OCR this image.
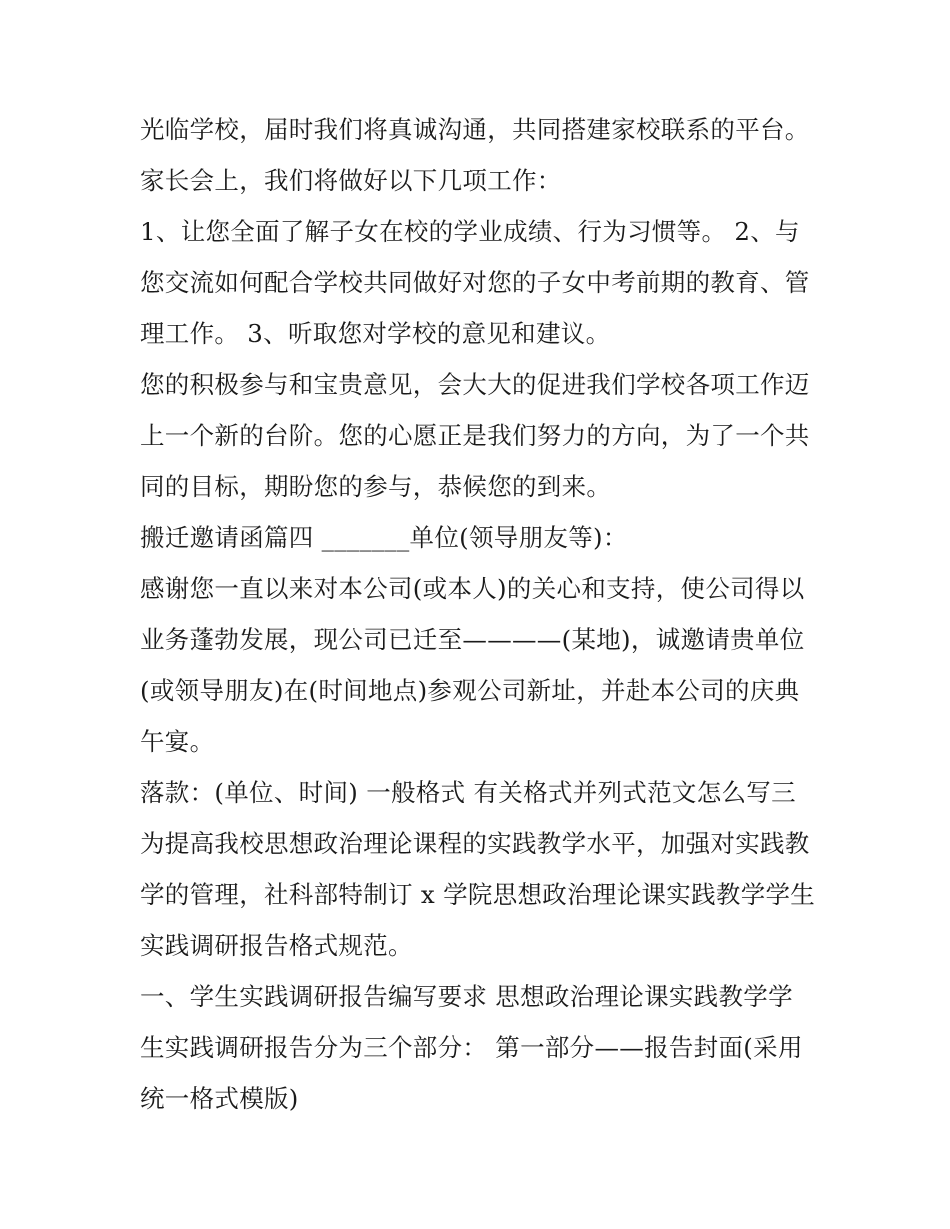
光临学校，届时我们将真诚沟通，共同搭建家校联系的平台。
家长会上，我们将做好以下几项工作：
1、让您全面了解子女在校的学业成绩、行为习惯等。 2、与
您交流如何配合学校共同做好对您的子女中考前期的教育、管
理工作。 3、听取您对学校的意见和建议。
您的积极参与和宝贵意见，会大大的促进我们学校各项工作迈
上一个新的台阶。您的心愿正是我们努力的方向，为了一个共
同的目标，期盼您的参与，恭候您的到来。
搬迁邀请函篇四 _______单位(领导朋友等)：
感谢您一直以来对本公司(或本人)的关心和支持，使公司得以
业务蓬勃发展，现公司已迁至————(某地)，诚邀请贵单位
(或领导朋友)在(时间地点)参观公司新址，并赴本公司的庆典
午宴。
落款：(单位、时间) 一般格式 有关格式并列式范文怎么写三
为提高我校思想政治理论课程的实践教学水平，加强对实践教
学的管理，社科部特制订 x 学院思想政治理论课实践教学学生
实践调研报告格式规范。
一、学生实践调研报告编写要求 思想政治理论课实践教学学
生实践调研报告分为三个部分： 第一部分——报告封面(采用
统一格式模版)
